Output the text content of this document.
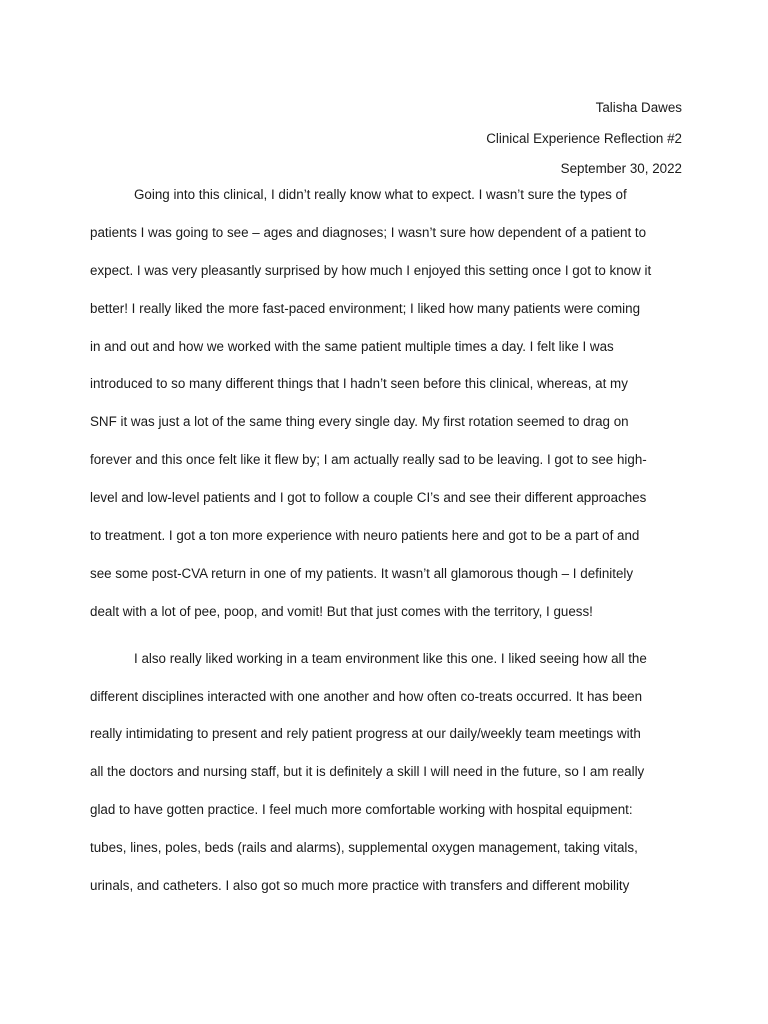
Talisha Dawes
Clinical Experience Reflection #2
September 30, 2022
Going into this clinical, I didn’t really know what to expect. I wasn’t sure the types of
patients I was going to see – ages and diagnoses; I wasn’t sure how dependent of a patient to
expect. I was very pleasantly surprised by how much I enjoyed this setting once I got to know it
better! I really liked the more fast-paced environment; I liked how many patients were coming
in and out and how we worked with the same patient multiple times a day. I felt like I was
introduced to so many different things that I hadn’t seen before this clinical, whereas, at my
SNF it was just a lot of the same thing every single day. My first rotation seemed to drag on
forever and this once felt like it flew by; I am actually really sad to be leaving. I got to see high-
level and low-level patients and I got to follow a couple CI’s and see their different approaches
to treatment. I got a ton more experience with neuro patients here and got to be a part of and
see some post-CVA return in one of my patients. It wasn’t all glamorous though – I definitely
dealt with a lot of pee, poop, and vomit! But that just comes with the territory, I guess!
I also really liked working in a team environment like this one. I liked seeing how all the
different disciplines interacted with one another and how often co-treats occurred. It has been
really intimidating to present and rely patient progress at our daily/weekly team meetings with
all the doctors and nursing staff, but it is definitely a skill I will need in the future, so I am really
glad to have gotten practice. I feel much more comfortable working with hospital equipment:
tubes, lines, poles, beds (rails and alarms), supplemental oxygen management, taking vitals,
urinals, and catheters. I also got so much more practice with transfers and different mobility
